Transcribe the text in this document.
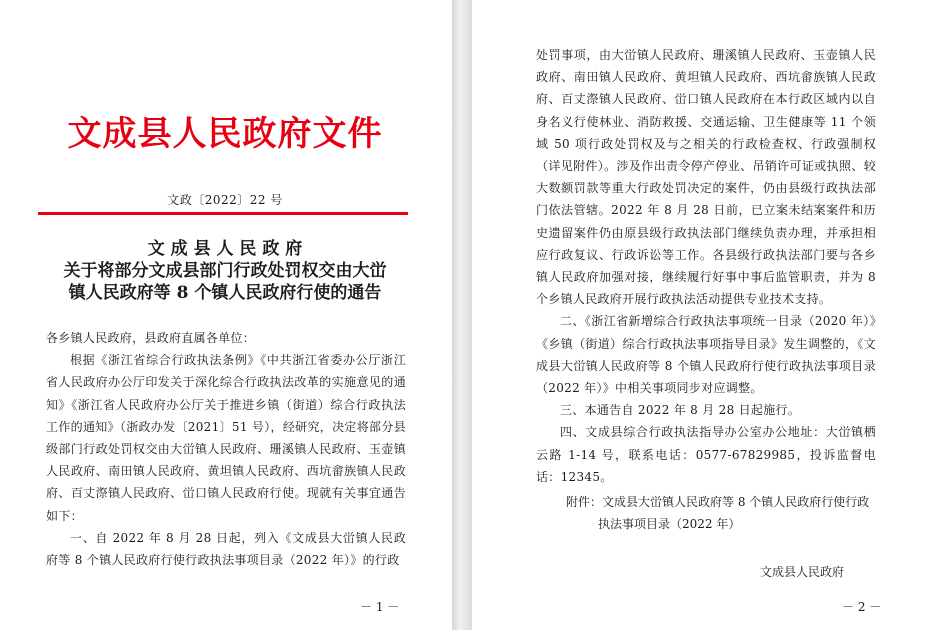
文成县人民政府文件
文政〔2022〕22 号
文 成 县 人 民 政 府
关于将部分文成县部门行政处罚权交由大峃
镇人民政府等 8 个镇人民政府行使的通告

各乡镇人民政府，县政府直属各单位：

根据《浙江省综合行政执法条例》《中共浙江省委办公厅浙江省人民政府办公厅印发关于深化综合行政执法改革的实施意见的通知》《浙江省人民政府办公厅关于推进乡镇（街道）综合行政执法工作的通知》（浙政办发〔2021〕51 号），经研究，决定将部分县级部门行政处罚权交由大峃镇人民政府、珊溪镇人民政府、玉壶镇人民政府、南田镇人民政府、黄坦镇人民政府、西坑畲族镇人民政府、百丈漈镇人民政府、峃口镇人民政府行使。现就有关事宜通告如下：

一、自 2022 年 8 月 28 日起，列入《文成县大峃镇人民政府等 8 个镇人民政府行使行政执法事项目录（2022 年）》的行政

－ 1 －

处罚事项，由大峃镇人民政府、珊溪镇人民政府、玉壶镇人民政府、南田镇人民政府、黄坦镇人民政府、西坑畲族镇人民政府、百丈漈镇人民政府、峃口镇人民政府在本行政区域内以自身名义行使林业、消防救援、交通运输、卫生健康等 11 个领域 50 项行政处罚权及与之相关的行政检查权、行政强制权（详见附件）。涉及作出责令停产停业、吊销许可证或执照、较大数额罚款等重大行政处罚决定的案件，仍由县级行政执法部门依法管辖。2022 年 8 月 28 日前，已立案未结案案件和历史遗留案件仍由原县级行政执法部门继续负责办理，并承担相应行政复议、行政诉讼等工作。各县级行政执法部门要与各乡镇人民政府加强对接，继续履行好事中事后监管职责，并为 8 个乡镇人民政府开展行政执法活动提供专业技术支持。

二、《浙江省新增综合行政执法事项统一目录（2020 年）》《乡镇（街道）综合行政执法事项指导目录》发生调整的，《文成县大峃镇人民政府等 8 个镇人民政府行使行政执法事项目录（2022 年）》中相关事项同步对应调整。

三、本通告自 2022 年 8 月 28 日起施行。

四、文成县综合行政执法指导办公室办公地址：大峃镇栖云路 1-14 号，联系电话：0577-67829985，投诉监督电话：12345。

附件：文成县大峃镇人民政府等 8 个镇人民政府行使行政
执法事项目录（2022 年）
文成县人民政府
－ 2 －
